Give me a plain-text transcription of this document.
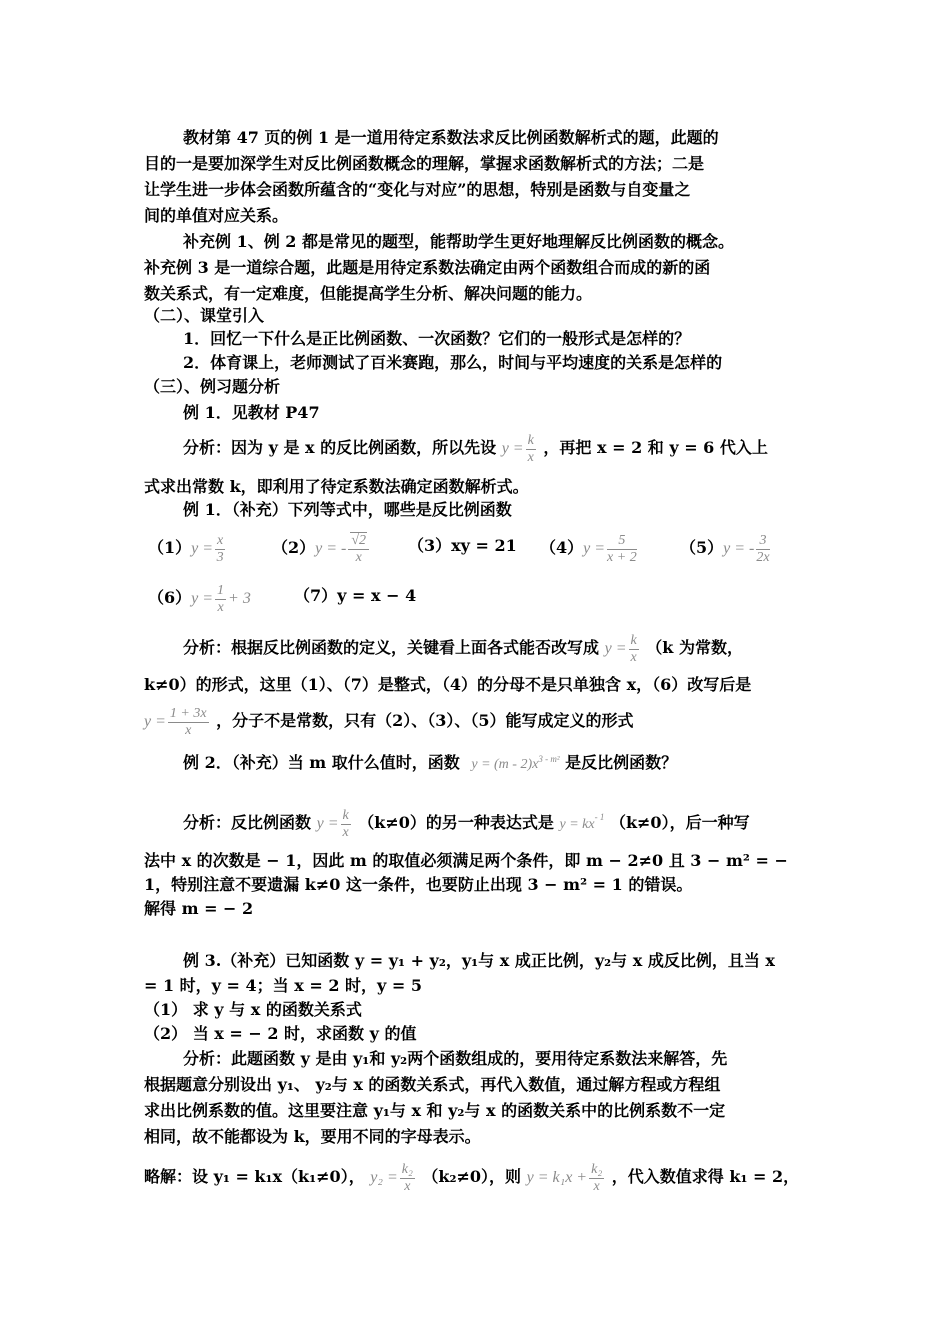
教材第 47 页的例 1 是一道用待定系数法求反比例函数解析式的题，此题的
目的一是要加深学生对反比例函数概念的理解，掌握求函数解析式的方法；二是
让学生进一步体会函数所蕴含的“变化与对应”的思想，特别是函数与自变量之
间的单值对应关系。
补充例 1、例 2 都是常见的题型，能帮助学生更好地理解反比例函数的概念。
补充例 3 是一道综合题，此题是用待定系数法确定由两个函数组合而成的新的函
数关系式，有一定难度，但能提高学生分析、解决问题的能力。
（二）、课堂引入
1．回忆一下什么是正比例函数、一次函数？它们的一般形式是怎样的？
2．体育课上，老师测试了百米赛跑，那么，时间与平均速度的关系是怎样的
（三）、例习题分析
例 1．见教材 P47
分析：因为 y 是 x 的反比例函数，所以先设 $y = \frac{k}{x}$ ，再把 x = 2 和 y = 6 代入上
式求出常数 k，即利用了待定系数法确定函数解析式。
例 1．（补充）下列等式中，哪些是反比例函数
$(1)y = \frac{x}{3}$	（2）y = - $\frac{√2}{x} (3)xy = 21$ $(4)y = \frac{5}{x + 2}$	（5）y = - $\frac{3}{2x}$
$(6)y = \frac{1}{x} + 3$	（7）y = x − 4
分析：根据反比例函数的定义，关键看上面各式能否改写成 $y = \frac{k}{x} (k$ 为常数，
k≠0）的形式，这里（1）、（7）是整式，（4）的分母不是只单独含 x，（6）改写后是
$y = \frac{1 + 3x}{x}$ ，分子不是常数，只有（2）、（3）、（5）能写成定义的形式
例 2．（补充）当 m 取什么值时，函数 $y = (m - 2)x^{3 - m^2}$ 是反比例函数？
分析：反比例函数 $y = \frac{k}{x} (k\ne 0)$的另一种表达式是 $y = kx^{- 1}$ （k≠0），后一种写
法中 x 的次数是 − 1，因此 m 的取值必须满足两个条件，即 m − 2≠0 且 3 − m² = −
1，特别注意不要遗漏 k≠0 这一条件，也要防止出现 3 − m² = 1 的错误。
解得 m = − 2
例 3.（补充）已知函数 y = y₁ + y₂，y₁与 x 成正比例，y₂与 x 成反比例，且当 x
= 1 时，y = 4；当 x = 2 时，y = 5
（1） 求 y 与 x 的函数关系式
（2） 当 x = − 2 时，求函数 y 的值
分析：此题函数 y 是由 y₁和 y₂两个函数组成的，要用待定系数法来解答，先
根据题意分别设出 y₁、 y₂与 x 的函数关系式，再代入数值，通过解方程或方程组
求出比例系数的值。这里要注意 y₁与 x 和 y₂与 x 的函数关系中的比例系数不一定
相同，故不能都设为 k，要用不同的字母表示。
略解：设 y₁ = k₁x（k₁≠0）， $y_2 = \frac{\text{k₂}}{x} (k_2\ne 0)$，则 $y = k_1x + \frac{\text{k₂}}{x}$ ，代入数值求得 k₁ = 2，
